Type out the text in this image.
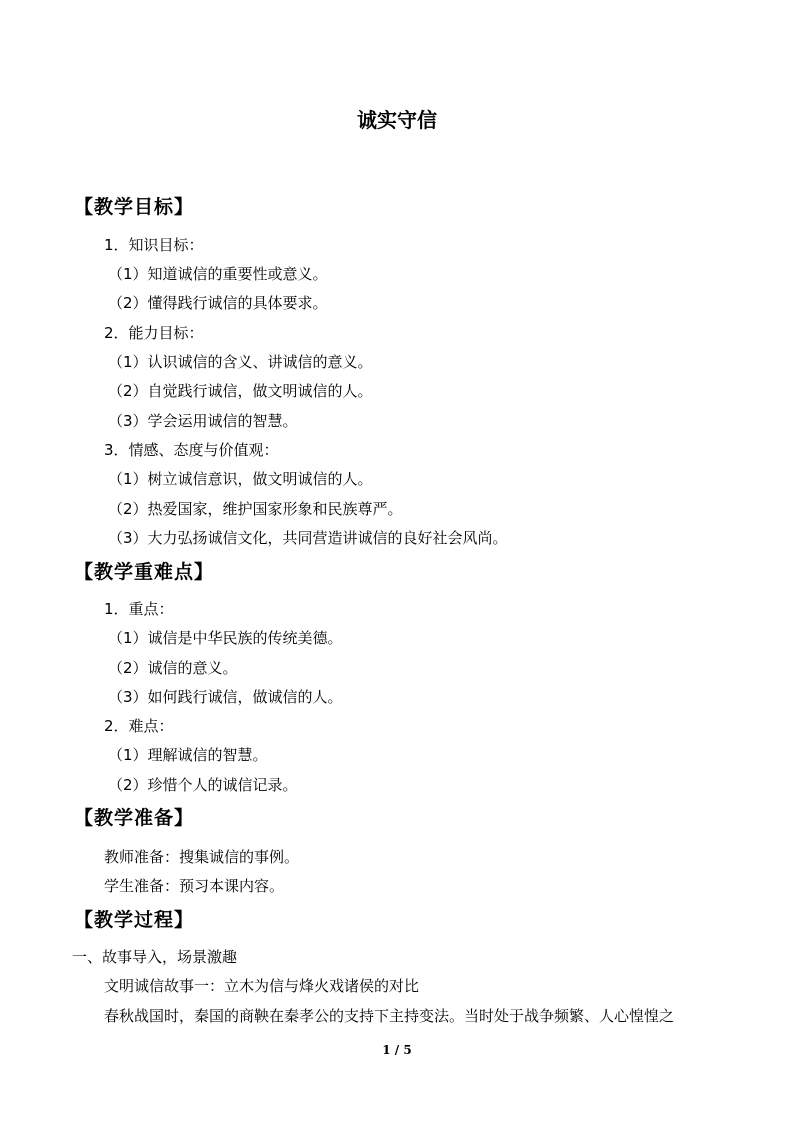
诚实守信
【教学目标】
1．知识目标：
（1）知道诚信的重要性或意义。
（2）懂得践行诚信的具体要求。
2．能力目标：
（1）认识诚信的含义、讲诚信的意义。
（2）自觉践行诚信，做文明诚信的人。
（3）学会运用诚信的智慧。
3．情感、态度与价值观：
（1）树立诚信意识，做文明诚信的人。
（2）热爱国家，维护国家形象和民族尊严。
（3）大力弘扬诚信文化，共同营造讲诚信的良好社会风尚。
【教学重难点】
1．重点：
（1）诚信是中华民族的传统美德。
（2）诚信的意义。
（3）如何践行诚信，做诚信的人。
2．难点：
（1）理解诚信的智慧。
（2）珍惜个人的诚信记录。
【教学准备】
教师准备：搜集诚信的事例。
学生准备：预习本课内容。
【教学过程】
一、故事导入，场景激趣
文明诚信故事一：立木为信与烽火戏诸侯的对比
春秋战国时，秦国的商鞅在秦孝公的支持下主持变法。当时处于战争频繁、人心惶惶之
1 / 5
